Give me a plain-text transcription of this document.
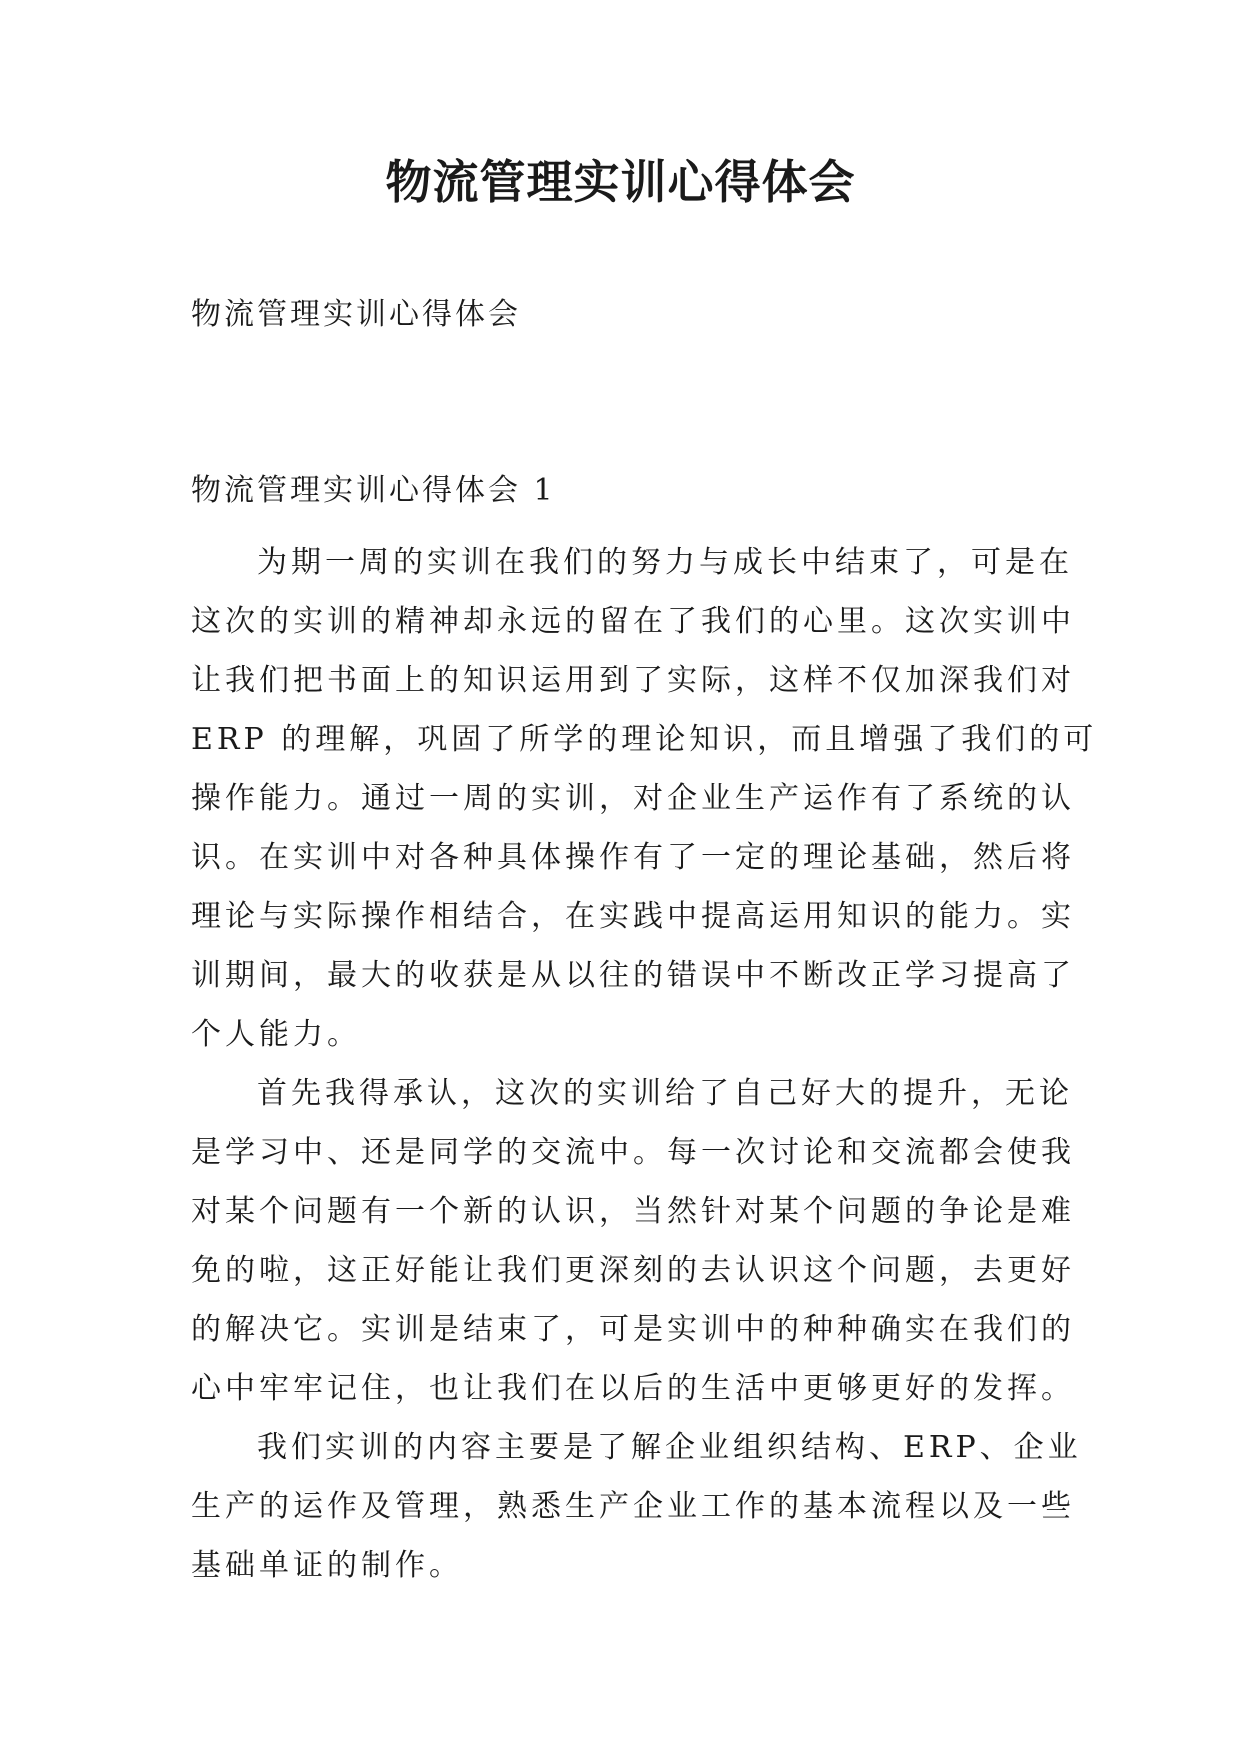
物流管理实训心得体会
物流管理实训心得体会
物流管理实训心得体会 1
为期一周的实训在我们的努力与成长中结束了，可是在
这次的实训的精神却永远的留在了我们的心里。这次实训中
让我们把书面上的知识运用到了实际，这样不仅加深我们对
ERP 的理解，巩固了所学的理论知识，而且增强了我们的可
操作能力。通过一周的实训，对企业生产运作有了系统的认
识。在实训中对各种具体操作有了一定的理论基础，然后将
理论与实际操作相结合，在实践中提高运用知识的能力。实
训期间，最大的收获是从以往的错误中不断改正学习提高了
个人能力。
首先我得承认，这次的实训给了自己好大的提升，无论
是学习中、还是同学的交流中。每一次讨论和交流都会使我
对某个问题有一个新的认识，当然针对某个问题的争论是难
免的啦，这正好能让我们更深刻的去认识这个问题，去更好
的解决它。实训是结束了，可是实训中的种种确实在我们的
心中牢牢记住，也让我们在以后的生活中更够更好的发挥。
我们实训的内容主要是了解企业组织结构、ERP、企业
生产的运作及管理，熟悉生产企业工作的基本流程以及一些
基础单证的制作。
